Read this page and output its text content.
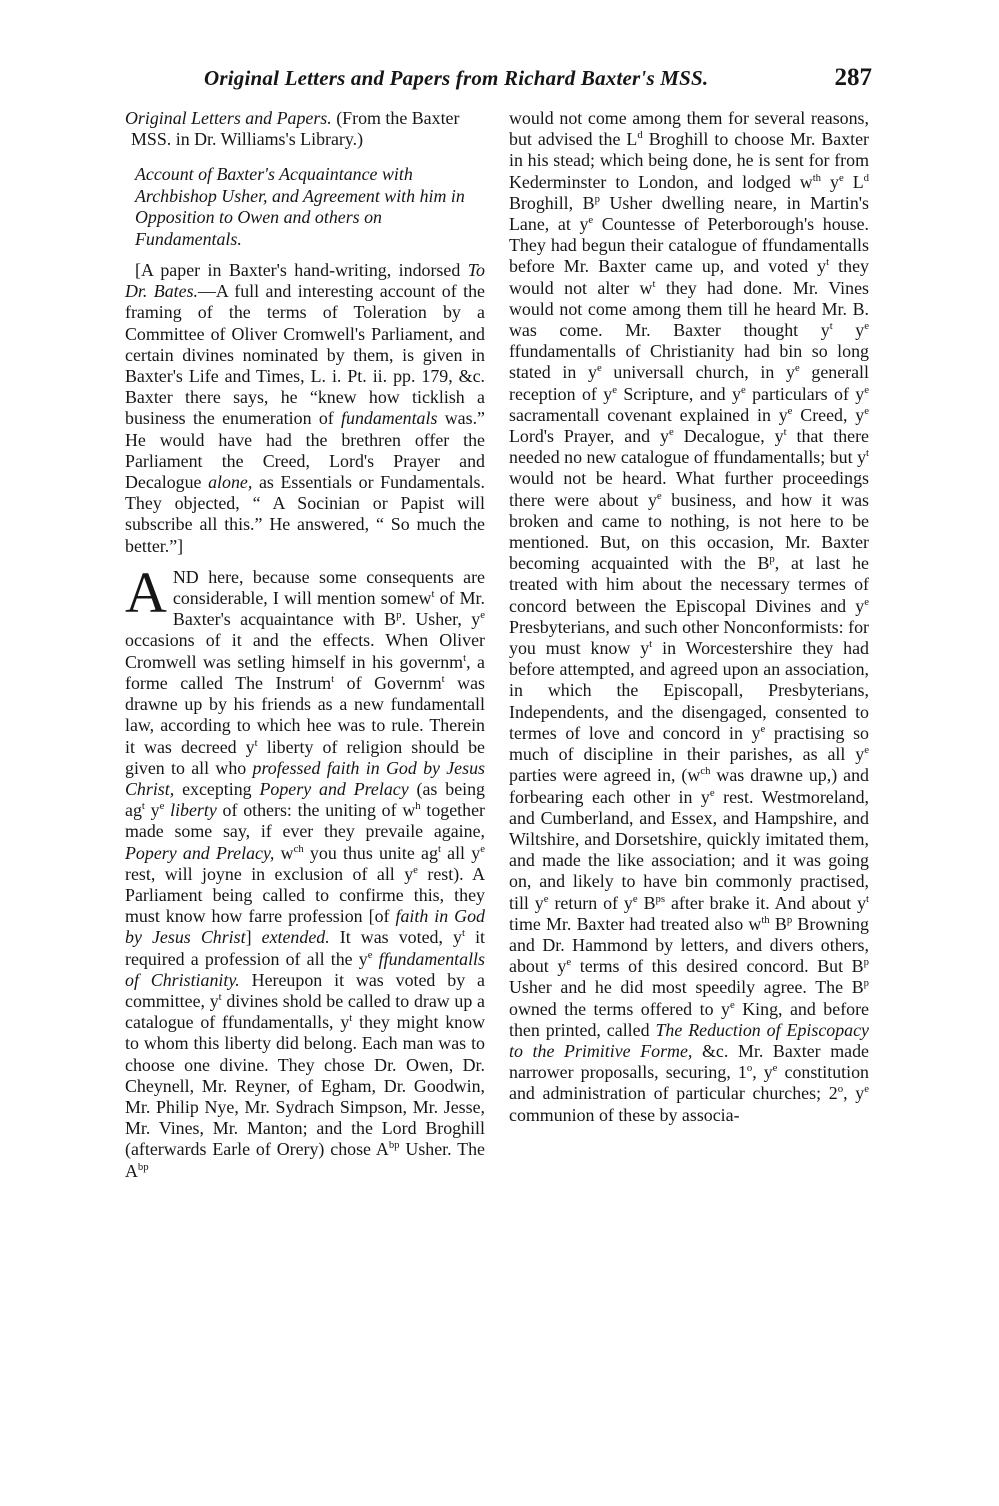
Original Letters and Papers from Richard Baxter's MSS.	287

Original Letters and Papers. (From the Baxter MSS. in Dr. Williams's Library.)

Account of Baxter's Acquaintance with Archbishop Usher, and Agreement with him in Opposition to Owen and others on Fundamentals.

[A paper in Baxter's hand-writing, indorsed To Dr. Bates.—A full and interesting account of the framing of the terms of Toleration by a Committee of Oliver Cromwell's Parliament, and certain divines nominated by them, is given in Baxter's Life and Times, L. i. Pt. ii. pp. 179, &c. Baxter there says, he “knew how ticklish a business the enumeration of fundamentals was.” He would have had the brethren offer the Parliament the Creed, Lord's Prayer and Decalogue alone, as Essentials or Fundamentals. They objected, “ A Socinian or Papist will subscribe all this.” He answered, “ So much the better.”]

AND here, because some consequents are considerable, I will mention somew$^t$ of Mr. Baxter's acquaintance with $B^p$. Usher, $y^e$ occasions of it and the effects. When Oliver Cromwell was setling himself in his governm$^t$, a forme called The Instrum$^t$ of Governm$^t$ was drawne up by his friends as a new fundamentall law, according to which hee was to rule. Therein it was decreed $y^t$ liberty of religion should be given to all who professed faith in God by Jesus Christ, excepting Popery and Prelacy (as being $ag^t$ $y^e$ liberty of others: the uniting of $w^h$ together made some say, if ever they prevaile againe, Popery and Prelacy, $w^{ch}$ you thus unite $ag^t$ all $y^e$ rest, will joyne in exclusion of all $y^e$ rest). A Parliament being called to confirme this, they must know how farre profession [of faith in God by Jesus Christ] extended. It was voted, $y^t$ it required a profession of all the $y^e$ ffundamentalls of Christianity. Hereupon it was voted by a committee, $y^t$ divines shold be called to draw up a catalogue of ffundamentalls, $y^t$ they might know to whom this liberty did belong. Each man was to choose one divine. They chose Dr. Owen, Dr. Cheynell, Mr. Reyner, of Egham, Dr. Goodwin, Mr. Philip Nye, Mr. Sydrach Simpson, Mr. Jesse, Mr. Vines, Mr. Manton; and the Lord Broghill (afterwards Earle of Orery) chose $A^{bp}$ Usher. The $A^{bp}$

would not come among them for several reasons, but advised the $L^d$ Broghill to choose Mr. Baxter in his stead; which being done, he is sent for from Kederminster to London, and lodged $w^{th}$ $y^e$ $L^d$ Broghill, $B^p$ Usher dwelling neare, in Martin's Lane, at $y^e$ Countesse of Peterborough's house. They had begun their catalogue of ffundamentalls before Mr. Baxter came up, and voted $y^t$ they would not alter $w^t$ they had done. Mr. Vines would not come among them till he heard Mr. B. was come. Mr. Baxter thought $y^t$ $y^e$ ffundamentalls of Christianity had bin so long stated in $y^e$ universall church, in $y^e$ generall reception of $y^e$ Scripture, and $y^e$ particulars of $y^e$ sacramentall covenant explained in $y^e$ Creed, $y^e$ Lord's Prayer, and $y^e$ Decalogue, $y^t$ that there needed no new catalogue of ffundamentalls; but $y^t$ would not be heard. What further proceedings there were about $y^e$ business, and how it was broken and came to nothing, is not here to be mentioned. But, on this occasion, Mr. Baxter becoming acquainted with the $B^p$, at last he treated with him about the necessary termes of concord between the Episcopal Divines and $y^e$ Presbyterians, and such other Nonconformists: for you must know $y^t$ in Worcestershire they had before attempted, and agreed upon an association, in which the Episcopall, Presbyterians, Independents, and the disengaged, consented to termes of love and concord in $y^e$ practising so much of discipline in their parishes, as all $y^e$ parties were agreed in, ($w^{ch}$ was drawne up,) and forbearing each other in $y^e$ rest. Westmoreland, and Cumberland, and Essex, and Hampshire, and Wiltshire, and Dorsetshire, quickly imitated them, and made the like association; and it was going on, and likely to have bin commonly practised, till $y^e$ return of $y^e$ $B^{ps}$ after brake it. And about $y^t$ time Mr. Baxter had treated also $w^{th}$ $B^p$ Browning and Dr. Hammond by letters, and divers others, about $y^e$ terms of this desired concord. But $B^p$ Usher and he did most speedily agree. The $B^p$ owned the terms offered to $y^e$ King, and before then printed, called The Reduction of Episcopacy to the Primitive Forme, &c. Mr. Baxter made narrower proposalls, securing, 1$^o$, $y^e$ constitution and administration of particular churches; 2$^o$, $y^e$ communion of these by associa-
